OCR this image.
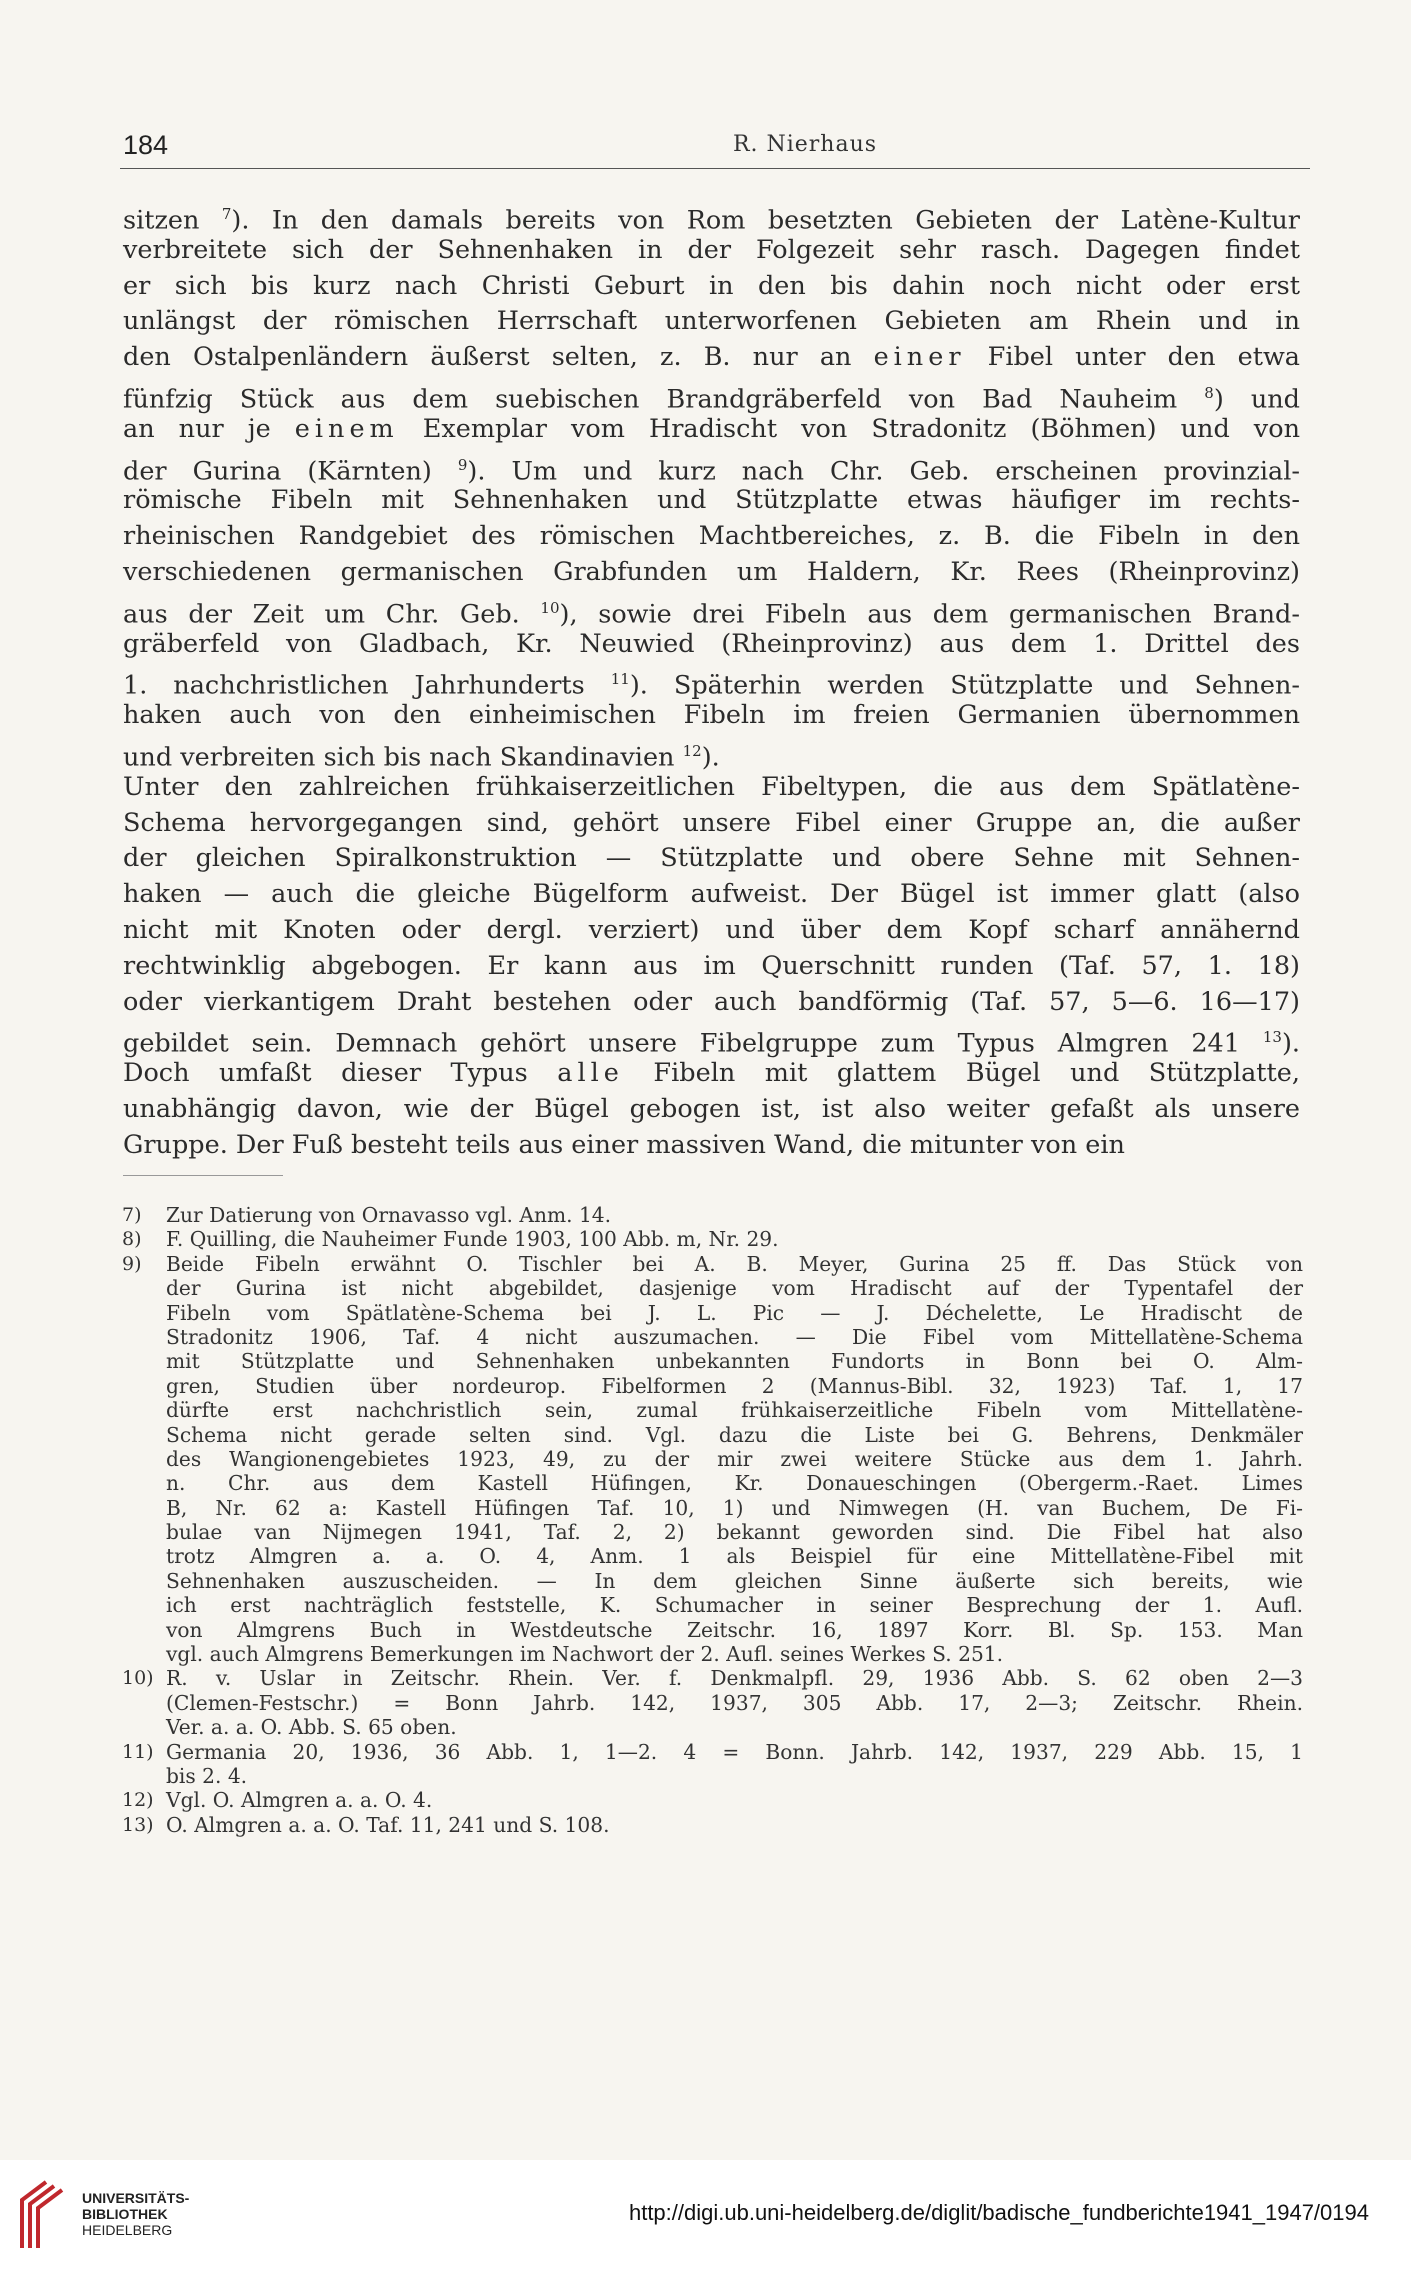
184	R. Nierhaus
sitzen $^7$). In den damals bereits von Rom besetzten Gebieten der Latène-Kultur
verbreitete sich der Sehnenhaken in der Folgezeit sehr rasch. Dagegen findet
er sich bis kurz nach Christi Geburt in den bis dahin noch nicht oder erst
unlängst der römischen Herrschaft unterworfenen Gebieten am Rhein und in
den Ostalpenländern äußerst selten, z. B. nur an einer Fibel unter den etwa
fünfzig Stück aus dem suebischen Brandgräberfeld von Bad Nauheim $^8$) und
an nur je einem Exemplar vom Hradischt von Stradonitz (Böhmen) und von
der Gurina (Kärnten) $^9$). Um und kurz nach Chr. Geb. erscheinen provinzial-
römische Fibeln mit Sehnenhaken und Stützplatte etwas häufiger im rechts-
rheinischen Randgebiet des römischen Machtbereiches, z. B. die Fibeln in den
verschiedenen germanischen Grabfunden um Haldern, Kr. Rees (Rheinprovinz)
aus der Zeit um Chr. Geb. $^{10}$), sowie drei Fibeln aus dem germanischen Brand-
gräberfeld von Gladbach, Kr. Neuwied (Rheinprovinz) aus dem 1. Drittel des
1. nachchristlichen Jahrhunderts $^{11}$). Späterhin werden Stützplatte und Sehnen-
haken auch von den einheimischen Fibeln im freien Germanien übernommen
und verbreiten sich bis nach Skandinavien $^{12}$).
Unter den zahlreichen frühkaiserzeitlichen Fibeltypen, die aus dem Spätlatène-
Schema hervorgegangen sind, gehört unsere Fibel einer Gruppe an, die außer
der gleichen Spiralkonstruktion — Stützplatte und obere Sehne mit Sehnen-
haken — auch die gleiche Bügelform aufweist. Der Bügel ist immer glatt (also
nicht mit Knoten oder dergl. verziert) und über dem Kopf scharf annähernd
rechtwinklig abgebogen. Er kann aus im Querschnitt runden (Taf. 57, 1. 18)
oder vierkantigem Draht bestehen oder auch bandförmig (Taf. 57, 5—6. 16—17)
gebildet sein. Demnach gehört unsere Fibelgruppe zum Typus Almgren 241 $^{13}$).
Doch umfaßt dieser Typus alle Fibeln mit glattem Bügel und Stützplatte,
unabhängig davon, wie der Bügel gebogen ist, ist also weiter gefaßt als unsere
Gruppe. Der Fuß besteht teils aus einer massiven Wand, die mitunter von ein
7) Zur Datierung von Ornavasso vgl. Anm. 14.
8) F. Quilling, die Nauheimer Funde 1903, 100 Abb. m, Nr. 29.
9) Beide Fibeln erwähnt O. Tischler bei A. B. Meyer, Gurina 25 ff. Das Stück von
der Gurina ist nicht abgebildet, dasjenige vom Hradischt auf der Typentafel der
Fibeln vom Spätlatène-Schema bei J. L. Pic — J. Déchelette, Le Hradischt de
Stradonitz 1906, Taf. 4 nicht auszumachen. — Die Fibel vom Mittellatène-Schema
mit Stützplatte und Sehnenhaken unbekannten Fundorts in Bonn bei O. Alm-
gren, Studien über nordeurop. Fibelformen 2 (Mannus-Bibl. 32, 1923) Taf. 1, 17
dürfte erst nachchristlich sein, zumal frühkaiserzeitliche Fibeln vom Mittellatène-
Schema nicht gerade selten sind. Vgl. dazu die Liste bei G. Behrens, Denkmäler
des Wangionengebietes 1923, 49, zu der mir zwei weitere Stücke aus dem 1. Jahrh.
n. Chr. aus dem Kastell Hüfingen, Kr. Donaueschingen (Obergerm.-Raet. Limes
B, Nr. 62 a: Kastell Hüfingen Taf. 10, 1) und Nimwegen (H. van Buchem, De Fi-
bulae van Nijmegen 1941, Taf. 2, 2) bekannt geworden sind. Die Fibel hat also
trotz Almgren a. a. O. 4, Anm. 1 als Beispiel für eine Mittellatène-Fibel mit
Sehnenhaken auszuscheiden. — In dem gleichen Sinne äußerte sich bereits, wie
ich erst nachträglich feststelle, K. Schumacher in seiner Besprechung der 1. Aufl.
von Almgrens Buch in Westdeutsche Zeitschr. 16, 1897 Korr. Bl. Sp. 153. Man
vgl. auch Almgrens Bemerkungen im Nachwort der 2. Aufl. seines Werkes S. 251.
10) R. v. Uslar in Zeitschr. Rhein. Ver. f. Denkmalpfl. 29, 1936 Abb. S. 62 oben 2—3
(Clemen-Festschr.) = Bonn Jahrb. 142, 1937, 305 Abb. 17, 2—3; Zeitschr. Rhein.
Ver. a. a. O. Abb. S. 65 oben.
11) Germania 20, 1936, 36 Abb. 1, 1—2. 4 = Bonn. Jahrb. 142, 1937, 229 Abb. 15, 1
bis 2. 4.
12) Vgl. O. Almgren a. a. O. 4.
13) O. Almgren a. a. O. Taf. 11, 241 und S. 108.
UNIVERSITÄTS-
BIBLIOTHEK
HEIDELBERG
http://digi.ub.uni-heidelberg.de/diglit/badische_fundberichte1941_1947/0194
